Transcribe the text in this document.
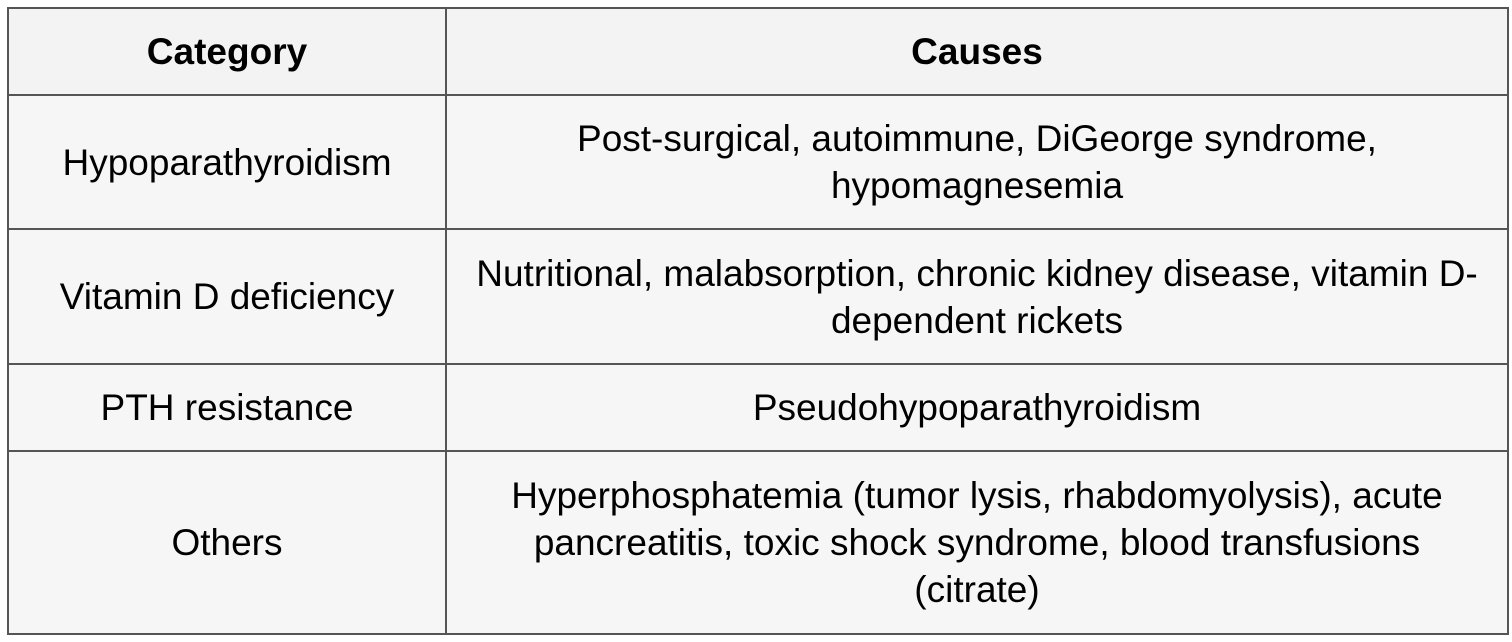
Category	Causes
Hypoparathyroidism	Post-surgical, autoimmune, DiGeorge syndrome, hypomagnesemia
Vitamin D deficiency	Nutritional, malabsorption, chronic kidney disease, vitamin D-dependent rickets
PTH resistance	Pseudohypoparathyroidism
Others	Hyperphosphatemia (tumor lysis, rhabdomyolysis), acute pancreatitis, toxic shock syndrome, blood transfusions (citrate)
